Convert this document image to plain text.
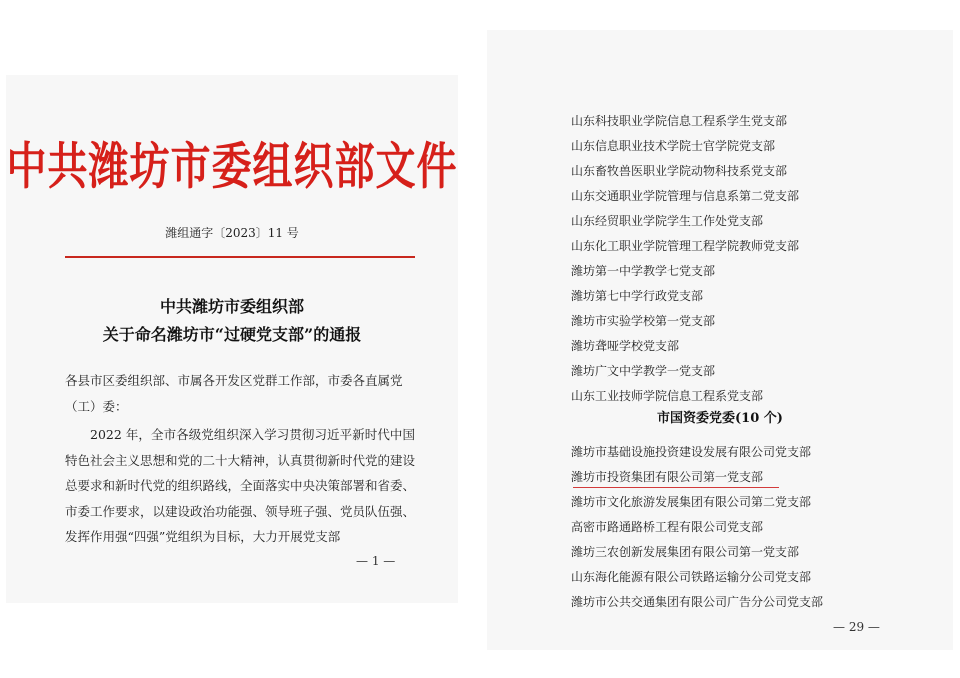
中共潍坊市委组织部文件
潍组通字〔2023〕11 号
中共潍坊市委组织部
关于命名潍坊市“过硬党支部”的通报
各县市区委组织部、市属各开发区党群工作部，市委各直属党（工）委：
2022 年，全市各级党组织深入学习贯彻习近平新时代中国特色社会主义思想和党的二十大精神，认真贯彻新时代党的建设总要求和新时代党的组织路线，全面落实中央决策部署和省委、市委工作要求，以建设政治功能强、领导班子强、党员队伍强、发挥作用强“四强”党组织为目标，大力开展党支部
— 1 —
山东科技职业学院信息工程系学生党支部
山东信息职业技术学院士官学院党支部
山东畜牧兽医职业学院动物科技系党支部
山东交通职业学院管理与信息系第二党支部
山东经贸职业学院学生工作处党支部
山东化工职业学院管理工程学院教师党支部
潍坊第一中学教学七党支部
潍坊第七中学行政党支部
潍坊市实验学校第一党支部
潍坊聋哑学校党支部
潍坊广文中学教学一党支部
山东工业技师学院信息工程系党支部
市国资委党委(10 个)
潍坊市基础设施投资建设发展有限公司党支部
潍坊市投资集团有限公司第一党支部
潍坊市文化旅游发展集团有限公司第二党支部
高密市路通路桥工程有限公司党支部
潍坊三农创新发展集团有限公司第一党支部
山东海化能源有限公司铁路运输分公司党支部
潍坊市公共交通集团有限公司广告分公司党支部
— 29 —
